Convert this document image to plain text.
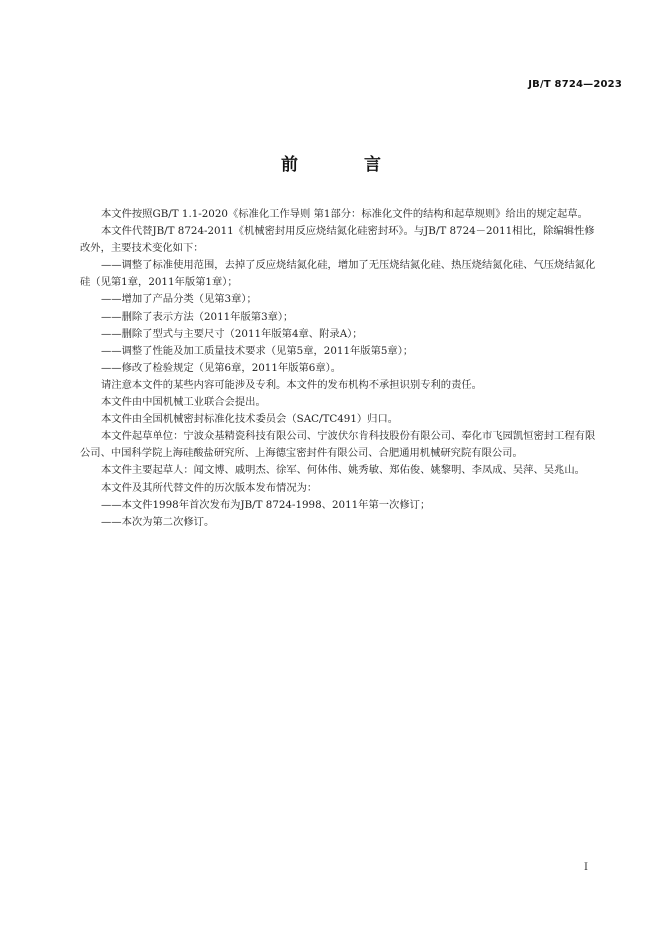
JB/T 8724—2023
前 言

本文件按照GB/T 1.1-2020《标准化工作导则 第1部分：标准化文件的结构和起草规则》给出的规定起草。

本文件代替JB/T 8724-2011《机械密封用反应烧结氮化硅密封环》。与JB/T 8724－2011相比，除编辑性修改外，主要技术变化如下：

——调整了标准使用范围，去掉了反应烧结氮化硅，增加了无压烧结氮化硅、热压烧结氮化硅、气压烧结氮化硅（见第1章，2011年版第1章）；

——增加了产品分类（见第3章）；

——删除了表示方法（2011年版第3章）；

——删除了型式与主要尺寸（2011年版第4章、附录A）；

——调整了性能及加工质量技术要求（见第5章，2011年版第5章）；

——修改了检验规定（见第6章，2011年版第6章）。

请注意本文件的某些内容可能涉及专利。本文件的发布机构不承担识别专利的责任。

本文件由中国机械工业联合会提出。

本文件由全国机械密封标准化技术委员会（SAC/TC491）归口。

本文件起草单位：宁波众基精瓷科技有限公司、宁波伏尔肯科技股份有限公司、奉化市飞园凯恒密封工程有限公司、中国科学院上海硅酸盐研究所、上海德宝密封件有限公司、合肥通用机械研究院有限公司。

本文件主要起草人：闻文博、戚明杰、徐军、何体伟、姚秀敏、郑佑俊、姚黎明、李凤成、吴萍、吴兆山。

本文件及其所代替文件的历次版本发布情况为：

——本文件1998年首次发布为JB/T 8724-1998、2011年第一次修订；

——本次为第二次修订。

I
